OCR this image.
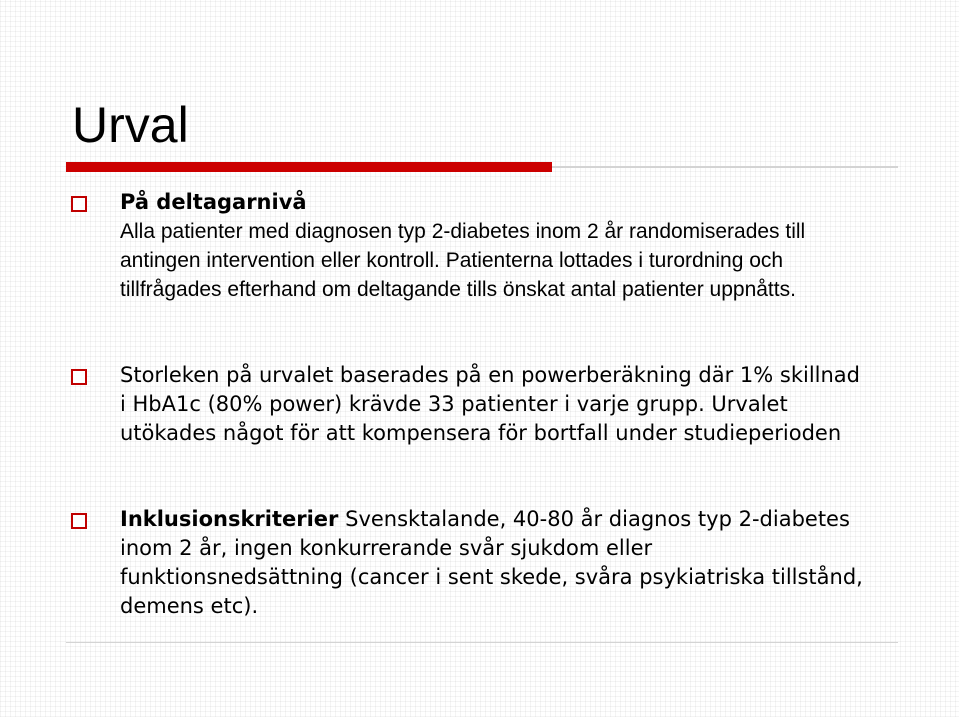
Urval
På deltagarnivå
Alla patienter med diagnosen typ 2-diabetes inom 2 år randomiserades till antingen intervention eller kontroll. Patienterna lottades i turordning och tillfrågades efterhand om deltagande tills önskat antal patienter uppnåtts.
Storleken på urvalet baserades på en powerberäkning där 1% skillnad i HbA1c (80% power) krävde 33 patienter i varje grupp. Urvalet utökades något för att kompensera för bortfall under studieperioden
Inklusionskriterier Svensktalande, 40-80 år diagnos typ 2-diabetes inom 2 år, ingen konkurrerande svår sjukdom eller funktionsnedsättning (cancer i sent skede, svåra psykiatriska tillstånd, demens etc).
